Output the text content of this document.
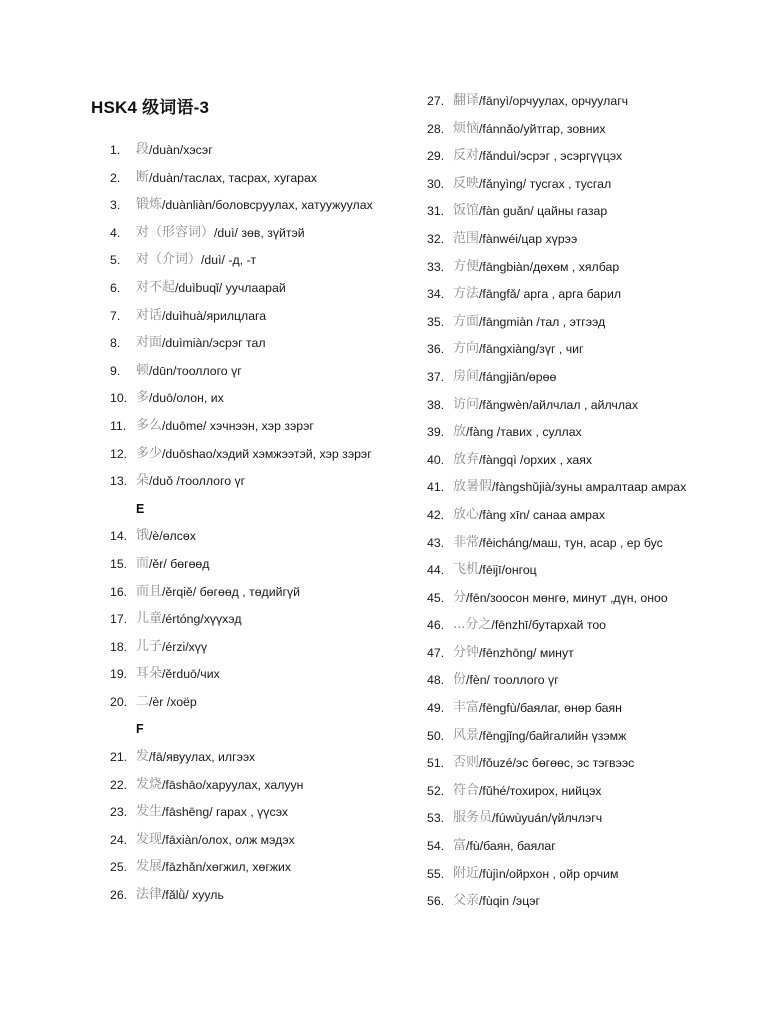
HSK4 级词语-3
1.	段 /duàn/хэсэг
2.	断 /duàn/таслах, тасрах, хугарах
3.	锻炼 /duànliàn/боловсруулах, хатуужуулах
4.	对（形容词） /duì/ зөв, зүйтэй
5.	对（介词） /duì/ -д, -т
6.	对不起 /duìbuqǐ/ уучлаарай
7.	对话 /duìhuà/ярилцлага
8.	对面 /duìmiàn/эсрэг тал
9.	顿 /dūn/тооллого үг
10. 多 /duō/олон, их
11. 多么 /duōme/ хэчнээн, хэр зэрэг
12. 多少 /duōshao/хэдий хэмжээтэй, хэр зэрэг
13. 朵 /duǒ /тооллого үг
E
14. 饿 /è/өлсөх
15. 而 /ěr/ бөгөөд
16. 而且 /ěrqiě/ бөгөөд , төдийгүй
17. 儿童 /értóng/хүүхэд
18. 儿子 /érzi/хүү
19. 耳朵 /ěrduō/чих
20. 二 /èr /хоёр
F
21. 发 /fā/явуулах, илгээх
22. 发烧 /fāshāo/харуулах, халуун
23. 发生 /fāshēng/ гарах , үүсэх
24. 发现 /fāxiàn/олох, олж мэдэх
25. 发展 /fāzhǎn/хөгжил, хөгжих
26. 法律 /fǎlǜ/ хууль
27. 翻译 /fānyì/орчуулах, орчуулагч
28. 烦恼 /fánnǎo/уйтгар, зовних
29. 反对 /fǎnduì/эсрэг , эсэргүүцэх
30. 反映 /fǎnyìng/ тусгах , тусгал
31. 饭馆 /fàn guǎn/ цайны газар
32. 范围 /fànwéi/цар хүрээ
33. 方便 /fāngbiàn/дөхөм , хялбар
34. 方法 /fāngfǎ/ арга , арга барил
35. 方面 /fāngmiàn /тал , этгээд
36. 方向 /fāngxiàng/зүг , чиг
37. 房间 /fángjiān/өрөө
38. 访问 /fǎngwèn/айлчлал , айлчлах
39. 放 /fàng /тавих , суллах
40. 放弃 /fàngqì /орхих , хаях
41. 放暑假 /fàngshǔjià/зуны амралтаар амрах
42. 放心 /fàng xīn/ санаа амрах
43. 非常 /fēicháng/маш, тун, асар , ер бус
44. 飞机 /fēijī/онгоц
45. 分 /fēn/зоосон мөнгө, минут ,дүн, оноо
46. ...分之 /fēnzhī/бутархай тоо
47. 分钟 /fēnzhōng/ минут
48. 份 /fèn/ тооллого үг
49. 丰富 /fēngfù/баялаг, өнөр баян
50. 风景 /fēngjǐng/байгалийн үзэмж
51. 否则 /fǒuzé/эс бөгөөс, эс тэгвээс
52. 符合 /fǔhé/тохирох, нийцэх
53. 服务员 /fúwùyuán/үйлчлэгч
54. 富 /fù/баян, баялаг
55. 附近 /fùjìn/ойрхон , ойр орчим
56. 父亲 /fùqin /эцэг
